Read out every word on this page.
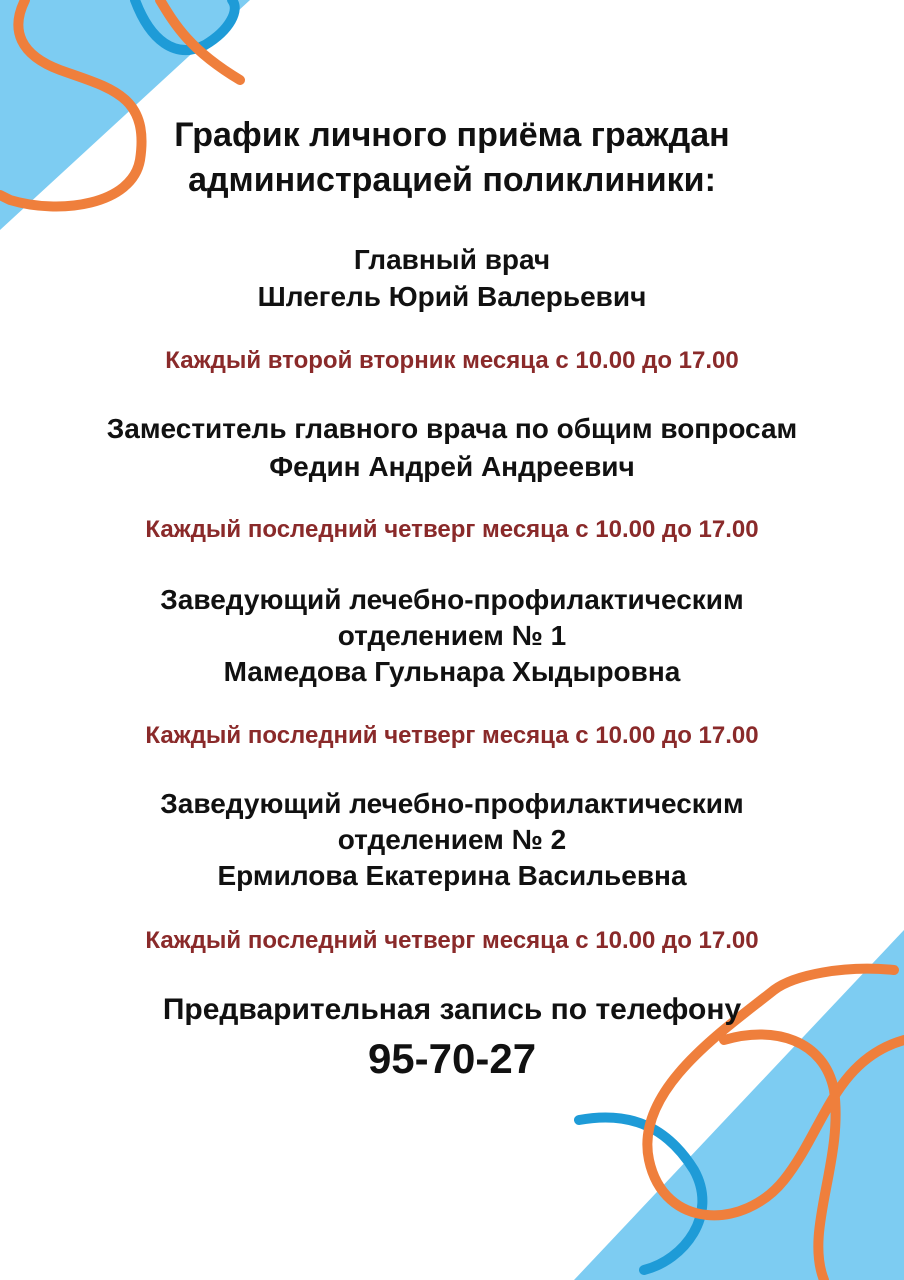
График личного приёма граждан
администрацией поликлиники:
Главный врач
Шлегель Юрий Валерьевич
Каждый второй вторник месяца с 10.00 до 17.00
Заместитель главного врача по общим вопросам
Федин Андрей Андреевич
Каждый последний четверг месяца с 10.00 до 17.00
Заведующий лечебно-профилактическим
отделением № 1
Мамедова Гульнара Хыдыровна
Каждый последний четверг месяца с 10.00 до 17.00
Заведующий лечебно-профилактическим
отделением № 2
Ермилова Екатерина Васильевна
Каждый последний четверг месяца с 10.00 до 17.00
Предварительная запись по телефону
95-70-27
